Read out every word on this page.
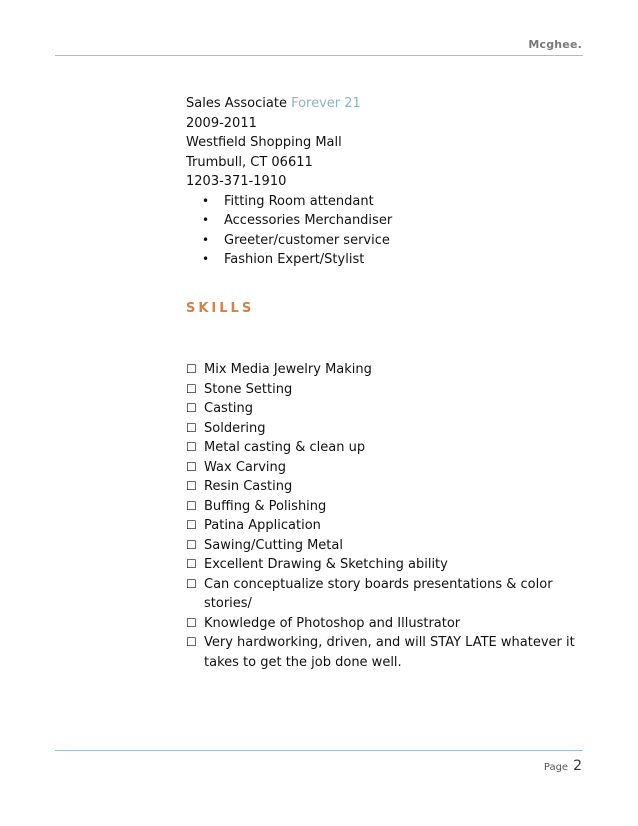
Mcghee.
Sales Associate Forever 21
2009-2011
Westfield Shopping Mall
Trumbull, CT 06611
1203-371-1910
• Fitting Room attendant
• Accessories Merchandiser
• Greeter/customer service
• Fashion Expert/Stylist
SKILLS
☐ Mix Media Jewelry Making
☐ Stone Setting
☐ Casting
☐ Soldering
☐ Metal casting & clean up
☐ Wax Carving
☐ Resin Casting
☐ Buffing & Polishing
☐ Patina Application
☐ Sawing/Cutting Metal
☐ Excellent Drawing & Sketching ability
☐ Can conceptualize story boards presentations & color stories/
☐ Knowledge of Photoshop and Illustrator
☐ Very hardworking, driven, and will STAY LATE whatever it takes to get the job done well.
Page 2
